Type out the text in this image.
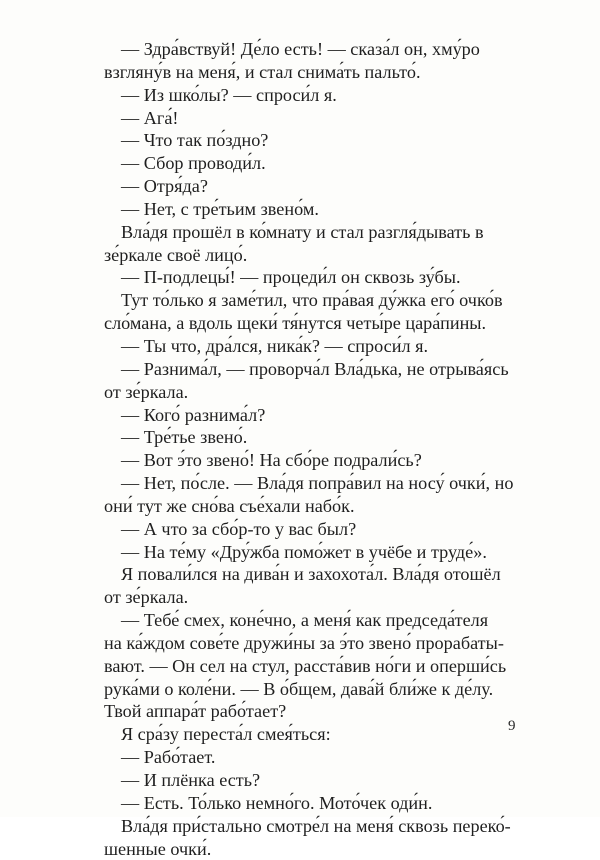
— Здра́вствуй! Де́ло есть! — сказа́л он, хму́ро
взгляну́в на меня́, и стал снима́ть пальто́.

— Из шко́лы? — спроси́л я.

— Ага́!

— Что так по́здно?

— Сбор проводи́л.

— Отря́да?

— Нет, с тре́тьим звено́м.

Вла́дя прошёл в ко́мнату и стал разгля́дывать в
зе́ркале своё лицо́.

— П-подлецы́! — процеди́л он сквозь зу́бы.

Тут то́лько я заме́тил, что пра́вая ду́жка его́ очко́в
сло́мана, а вдоль щеки́ тя́нутся четы́ре цара́пины.

— Ты что, дра́лся, ника́к? — спроси́л я.

— Разнима́л, — проворча́л Вла́дька, не отрыва́ясь
от зе́ркала.

— Кого́ разнима́л?

— Тре́тье звено́.

— Вот э́то звено́! На сбо́ре подрали́сь?

— Нет, по́сле. — Вла́дя попра́вил на носу́ очки́, но
они́ тут же сно́ва съе́хали набо́к.

— А что за сбо́р-то у вас был?

— На те́му «Дру́жба помо́жет в учёбе и труде́».

Я повали́лся на дива́н и захохота́л. Вла́дя отошёл
от зе́ркала.

— Тебе́ смех, коне́чно, а меня́ как председа́теля
на ка́ждом сове́те дружи́ны за э́то звено́ прорабаты-
вают. — Он сел на стул, расста́вив но́ги и оперши́сь
рука́ми о коле́ни. — В о́бщем, дава́й бли́же к де́лу.
Твой аппара́т рабо́тает?

Я сра́зу переста́л смея́ться:

— Рабо́тает.

— И плёнка есть?

— Есть. То́лько немно́го. Мото́чек оди́н.

Вла́дя при́стально смотре́л на меня́ сквозь переко́-
шенные очки́.

9
